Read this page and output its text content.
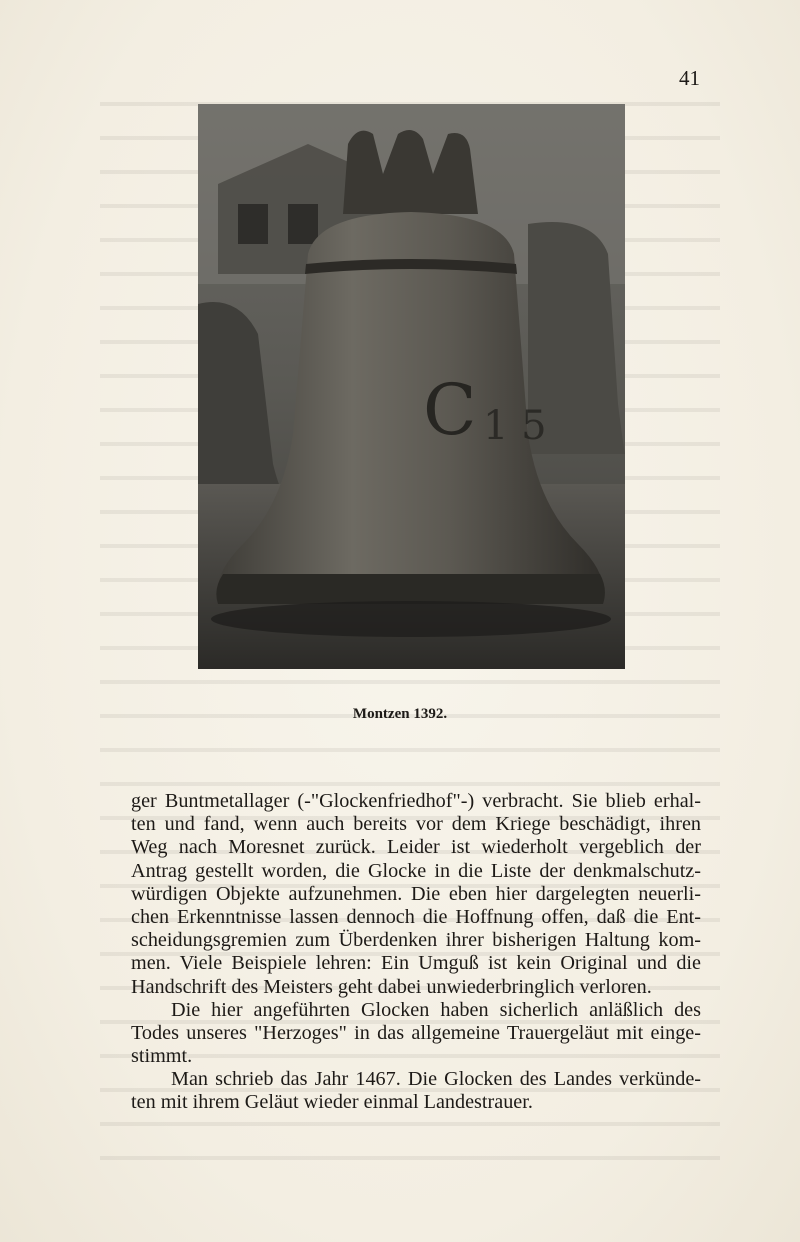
41
C 1 5
Montzen 1392.
ger Buntmetallager (-"Glockenfriedhof"-) verbracht. Sie blieb erhal-
ten und fand, wenn auch bereits vor dem Kriege beschädigt, ihren
Weg nach Moresnet zurück. Leider ist wiederholt vergeblich der
Antrag gestellt worden, die Glocke in die Liste der denkmalschutz-
würdigen Objekte aufzunehmen. Die eben hier dargelegten neuerli-
chen Erkenntnisse lassen dennoch die Hoffnung offen, daß die Ent-
scheidungsgremien zum Überdenken ihrer bisherigen Haltung kom-
men. Viele Beispiele lehren: Ein Umguß ist kein Original und die
Handschrift des Meisters geht dabei unwiederbringlich verloren.
Die hier angeführten Glocken haben sicherlich anläßlich des
Todes unseres "Herzoges" in das allgemeine Trauergeläut mit einge-
stimmt.
Man schrieb das Jahr 1467. Die Glocken des Landes verkünde-
ten mit ihrem Geläut wieder einmal Landestrauer.
